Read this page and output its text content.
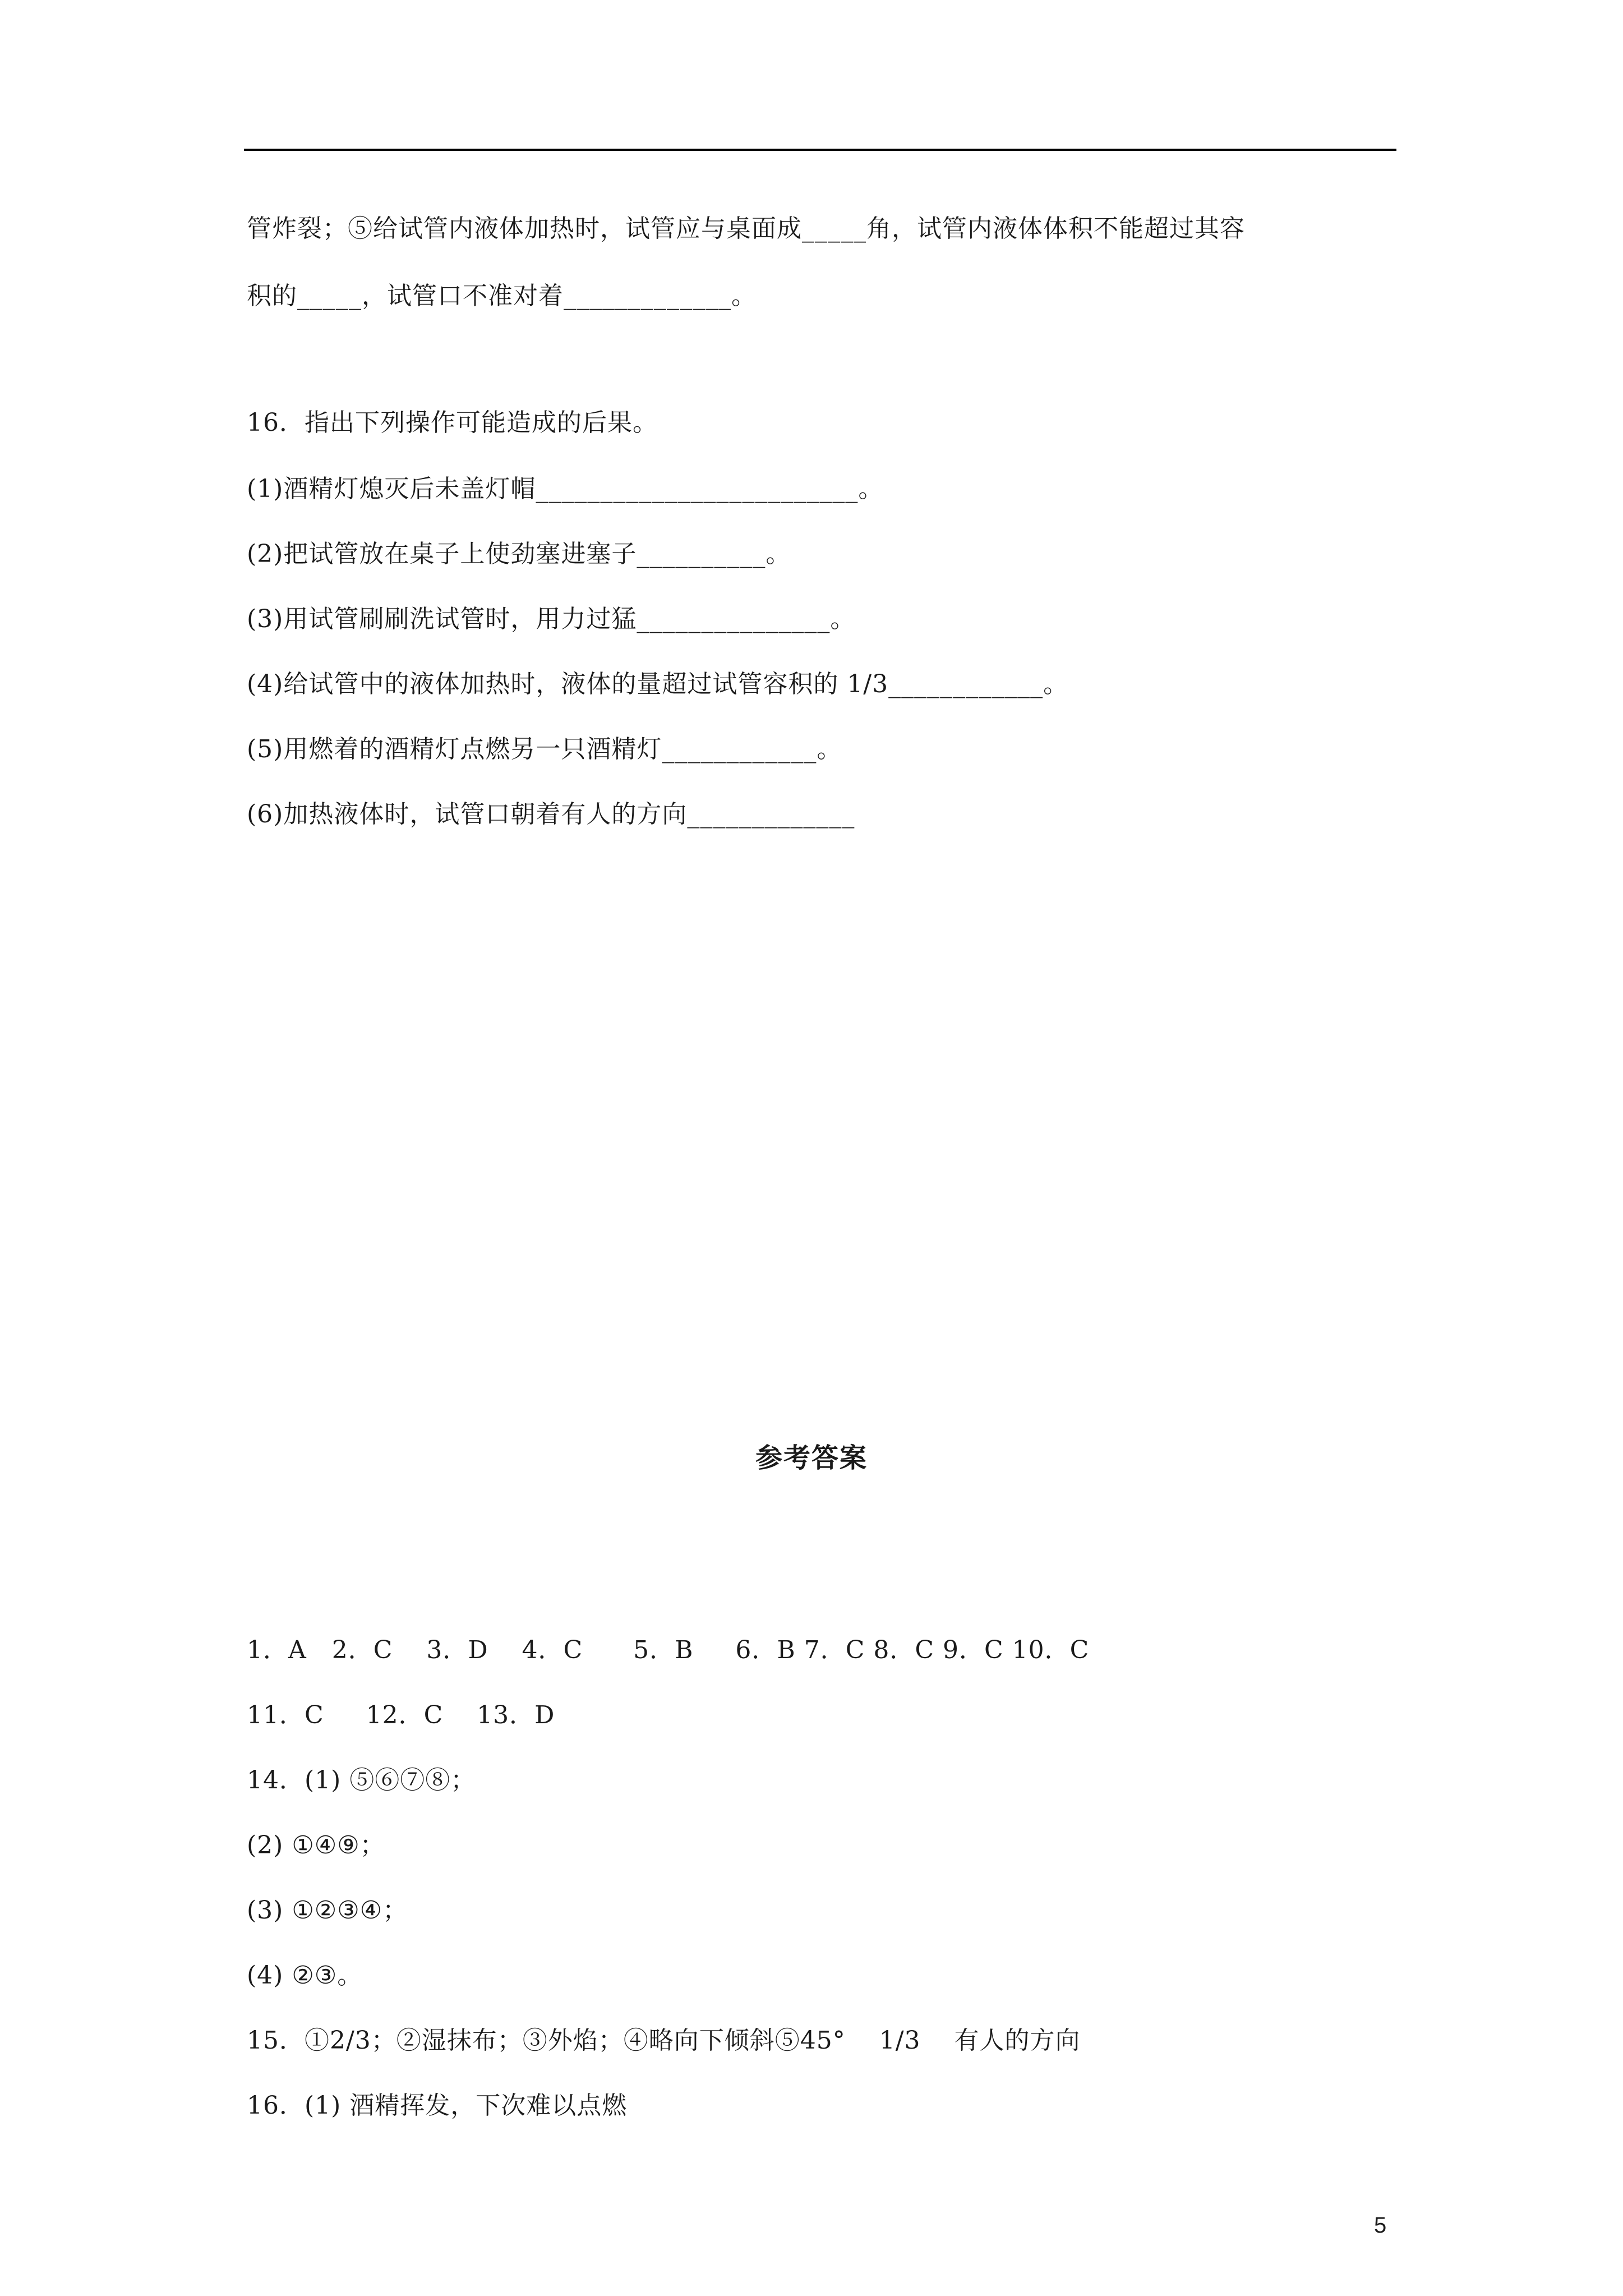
管炸裂；⑤给试管内液体加热时，试管应与桌面成_____角，试管内液体体积不能超过其容
积的_____，试管口不准对着_____________。
16．指出下列操作可能造成的后果。
(1)酒精灯熄灭后未盖灯帽_________________________。
(2)把试管放在桌子上使劲塞进塞子__________。
(3)用试管刷刷洗试管时，用力过猛_______________。
(4)给试管中的液体加热时，液体的量超过试管容积的 1/3____________。
(5)用燃着的酒精灯点燃另一只酒精灯____________。
(6)加热液体时，试管口朝着有人的方向_____________
参考答案
1．A   2．C    3．D    4．C      5．B     6．B 7．C 8．C 9．C 10．C
11．C     12．C    13．D
14．(1) ⑤⑥⑦⑧；
(2) ①④⑨；
(3) ①②③④；
(4) ②③。
15．①2/3；②湿抹布；③外焰；④略向下倾斜⑤45°    1/3    有人的方向
16．(1) 酒精挥发，下次难以点燃
5
